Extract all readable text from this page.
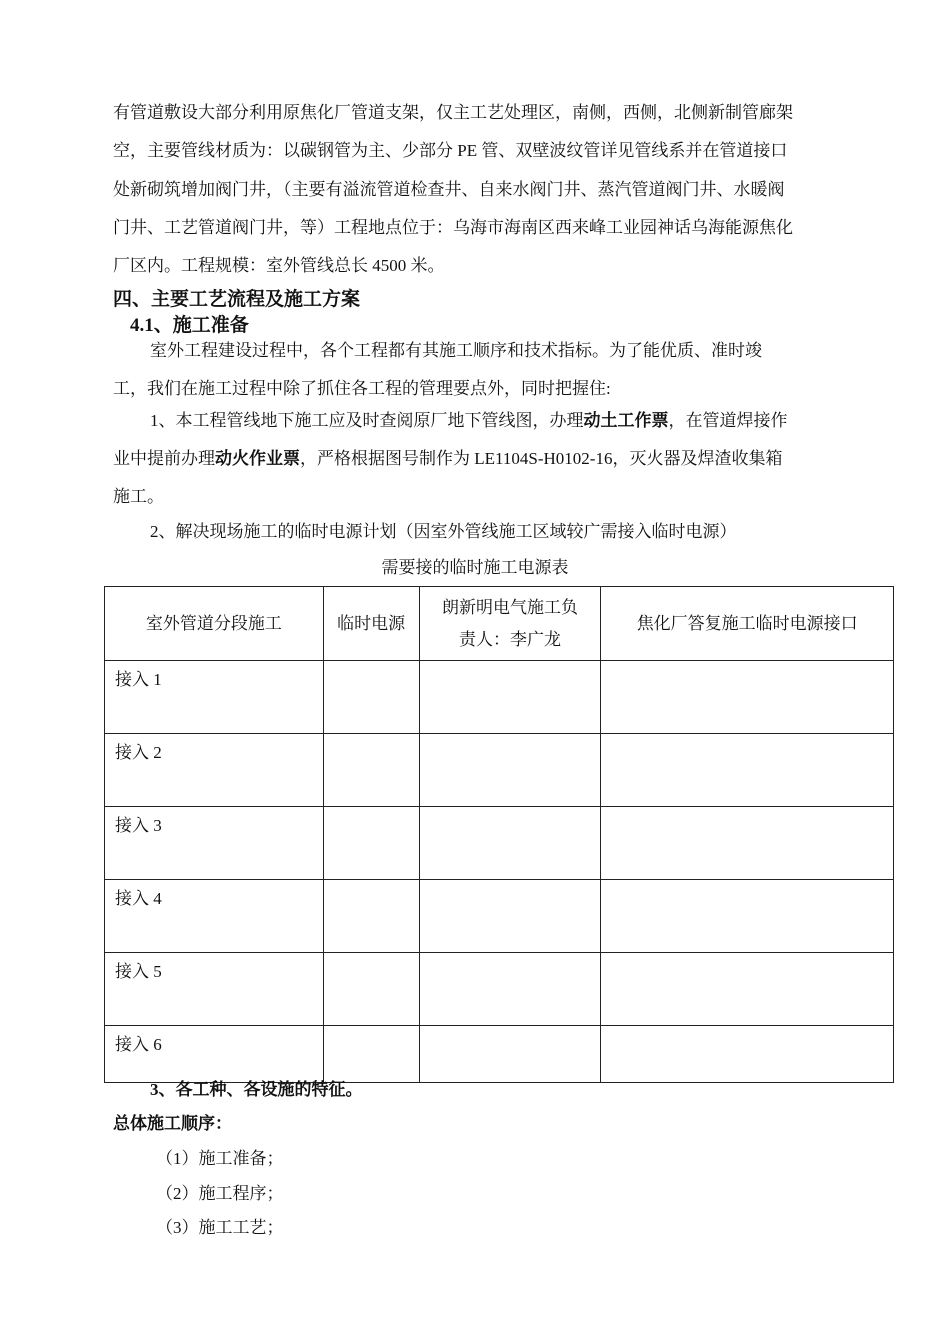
有管道敷设大部分利用原焦化厂管道支架，仅主工艺处理区，南侧，西侧，北侧新制管廊架
空，主要管线材质为：以碳钢管为主、少部分 PE 管、双壁波纹管详见管线系并在管道接口
处新砌筑增加阀门井，（主要有溢流管道检查井、自来水阀门井、蒸汽管道阀门井、水暖阀
门井、工艺管道阀门井，等）工程地点位于：乌海市海南区西来峰工业园神话乌海能源焦化
厂区内。工程规模：室外管线总长 4500 米。
四、主要工艺流程及施工方案
4.1、施工准备
室外工程建设过程中，各个工程都有其施工顺序和技术指标。为了能优质、准时竣
工，我们在施工过程中除了抓住各工程的管理要点外，同时把握住:
1、本工程管线地下施工应及时查阅原厂地下管线图，办理动土工作票，在管道焊接作
业中提前办理动火作业票，严格根据图号制作为 LE1104S-H0102-16，灭火器及焊渣收集箱
施工。
2、解决现场施工的临时电源计划（因室外管线施工区域较广需接入临时电源）
需要接的临时施工电源表
室外管道分段施工	临时电源	朗新明电气施工负
责人：李广龙	焦化厂答复施工临时电源接口

接入 1			

接入 2			

接入 3			

接入 4			

接入 5			

接入 6			

3、各工种、各设施的特征。
总体施工顺序：
（1）施工准备；
（2）施工程序；
（3）施工工艺；
